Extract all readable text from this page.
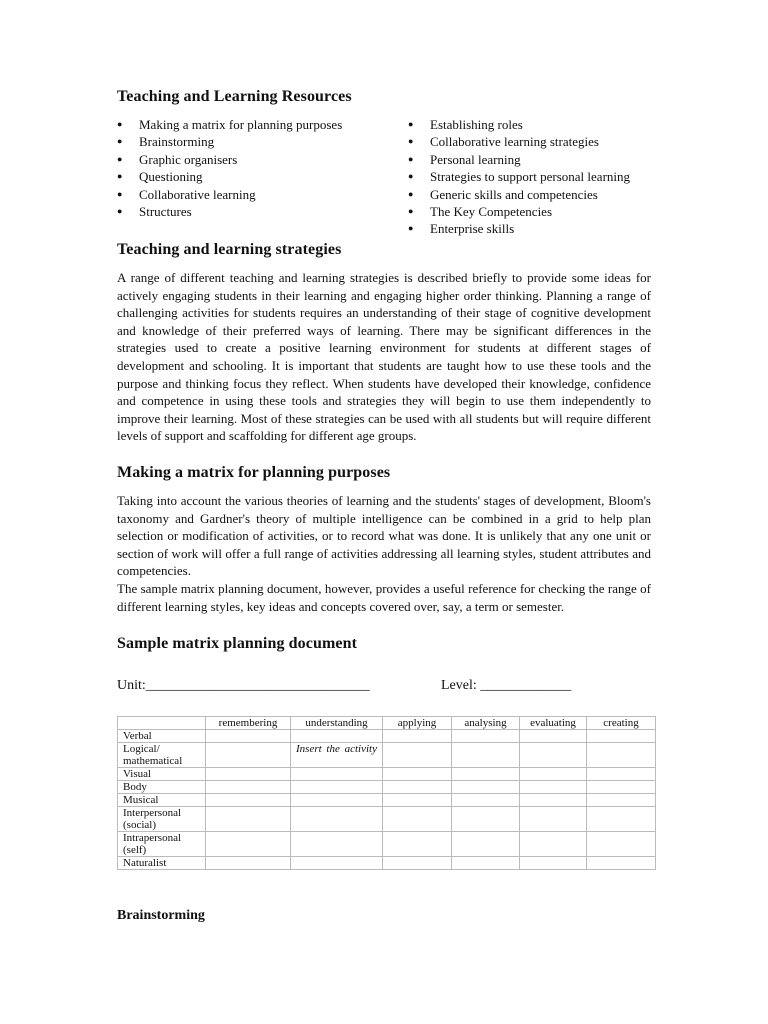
Teaching and Learning Resources
● Making a matrix for planning purposes
● Brainstorming
● Graphic organisers
● Questioning
● Collaborative learning
● Structures
● Establishing roles
● Collaborative learning strategies
● Personal learning
● Strategies to support personal learning
● Generic skills and competencies
● The Key Competencies
● Enterprise skills
Teaching and learning strategies

A range of different teaching and learning strategies is described briefly to provide some ideas for actively engaging students in their learning and engaging higher order thinking. Planning a range of challenging activities for students requires an understanding of their stage of cognitive development and knowledge of their preferred ways of learning. There may be significant differences in the strategies used to create a positive learning environment for students at different stages of development and schooling. It is important that students are taught how to use these tools and the purpose and thinking focus they reflect. When students have developed their knowledge, confidence and competence in using these tools and strategies they will begin to use them independently to improve their learning. Most of these strategies can be used with all students but will require different levels of support and scaffolding for different age groups.

Making a matrix for planning purposes

Taking into account the various theories of learning and the students' stages of development, Bloom's taxonomy and Gardner's theory of multiple intelligence can be combined in a grid to help plan selection or modification of activities, or to record what was done. It is unlikely that any one unit or section of work will offer a full range of activities addressing all learning styles, student attributes and competencies.

The sample matrix planning document, however, provides a useful reference for checking the range of different learning styles, key ideas and concepts covered over, say, a term or semester.

Sample matrix planning document
Unit:________________________________	Level: _____________
	remembering	understanding	applying	analysing	evaluating	creating
Verbal						
Logical/ mathematical		Insert the activity				
Visual						
Body						
Musical						
Interpersonal (social)						
Intrapersonal (self)						
Naturalist						
Brainstorming
